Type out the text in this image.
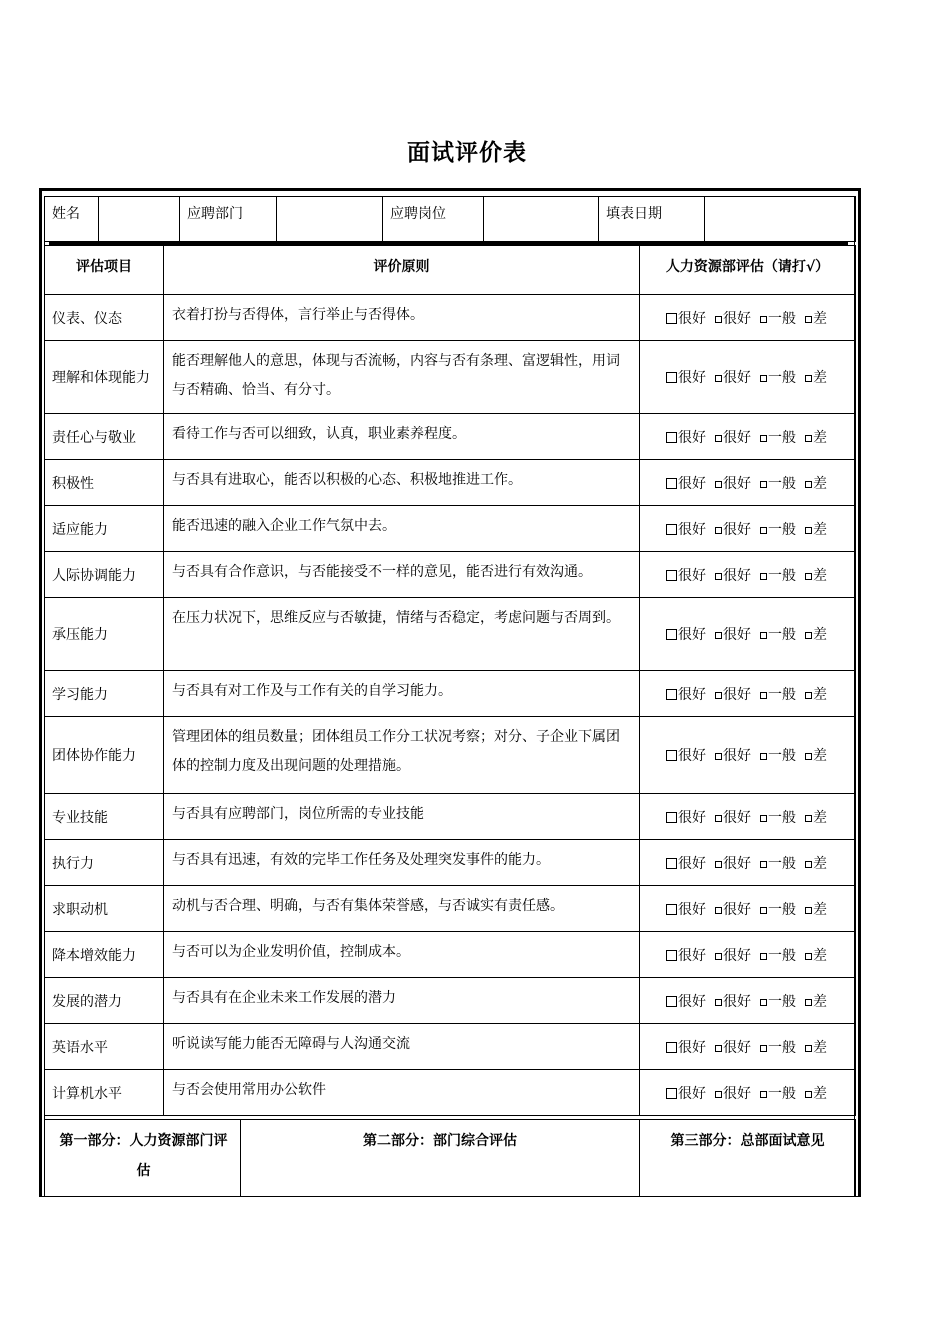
面试评价表
姓名		应聘部门		应聘岗位		填表日期	
评估项目	评价原则	人力资源部评估（请打√）
仪表、仪态	衣着打扮与否得体，言行举止与否得体。	很好 很好 一般 差
理解和体现能力	能否理解他人的意思，体现与否流畅，内容与否有条理、富逻辑性，用词与否精确、恰当、有分寸。	很好 很好 一般 差
责任心与敬业	看待工作与否可以细致，认真，职业素养程度。	很好 很好 一般 差
积极性	与否具有进取心，能否以积极的心态、积极地推进工作。	很好 很好 一般 差
适应能力	能否迅速的融入企业工作气氛中去。	很好 很好 一般 差
人际协调能力	与否具有合作意识，与否能接受不一样的意见，能否进行有效沟通。	很好 很好 一般 差
承压能力	在压力状况下，思维反应与否敏捷，情绪与否稳定，考虑问题与否周到。	很好 很好 一般 差
学习能力	与否具有对工作及与工作有关的自学习能力。	很好 很好 一般 差
团体协作能力	管理团体的组员数量；团体组员工作分工状况考察；对分、子企业下属团体的控制力度及出现问题的处理措施。	很好 很好 一般 差
专业技能	与否具有应聘部门，岗位所需的专业技能	很好 很好 一般 差
执行力	与否具有迅速，有效的完毕工作任务及处理突发事件的能力。	很好 很好 一般 差
求职动机	动机与否合理、明确，与否有集体荣誉感，与否诚实有责任感。	很好 很好 一般 差
降本增效能力	与否可以为企业发明价值，控制成本。	很好 很好 一般 差
发展的潜力	与否具有在企业未来工作发展的潜力	很好 很好 一般 差
英语水平	听说读写能力能否无障碍与人沟通交流	很好 很好 一般 差
计算机水平	与否会使用常用办公软件	很好 很好 一般 差
第一部分：人力资源部门评估	第二部分：部门综合评估	第三部分：总部面试意见
